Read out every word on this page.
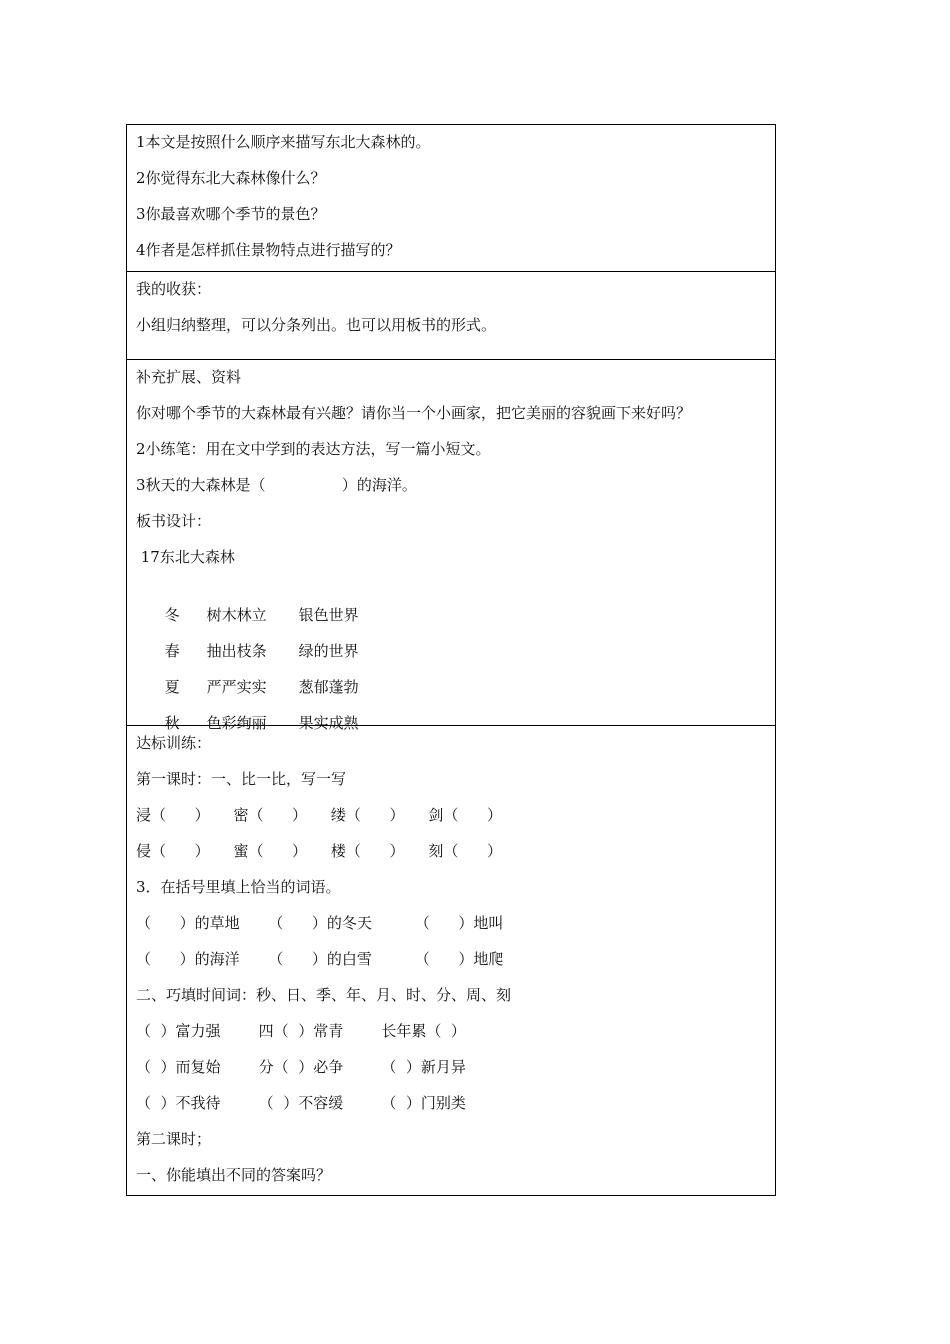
1本文是按照什么顺序来描写东北大森林的。
2你觉得东北大森林像什么？
3你最喜欢哪个季节的景色？
4作者是怎样抓住景物特点进行描写的？
我的收获：
小组归纳整理，可以分条列出。也可以用板书的形式。
补充扩展、资料
你对哪个季节的大森林最有兴趣？请你当一个小画家，把它美丽的容貌画下来好吗？
2小练笔：用在文中学到的表达方法，写一篇小短文。
3秋天的大森林是（                ）的海洋。
板书设计：
17东北大森林

冬 树木林立 银色世界

春 抽出枝条 绿的世界

夏 严严实实 葱郁蓬勃

秋 色彩绚丽 果实成熟

达标训练：
第一课时：一、比一比，写一写
浸（      ）     密（      ）     缕（      ）     剑（      ）
侵（      ）     蜜（      ）     楼（      ）     刻（      ）
3．在括号里填上恰当的词语。
（      ）的草地      （      ）的冬天         （      ）地叫
（      ）的海洋      （      ）的白雪         （      ）地爬
二、巧填时间词：秒、日、季、年、月、时、分、周、刻
（  ）富力强        四（  ）常青        长年累（  ）
（  ）而复始        分（  ）必争        （  ）新月异
（  ）不我待        （  ）不容缓        （  ）门别类
第二课时；
一、你能填出不同的答案吗？
